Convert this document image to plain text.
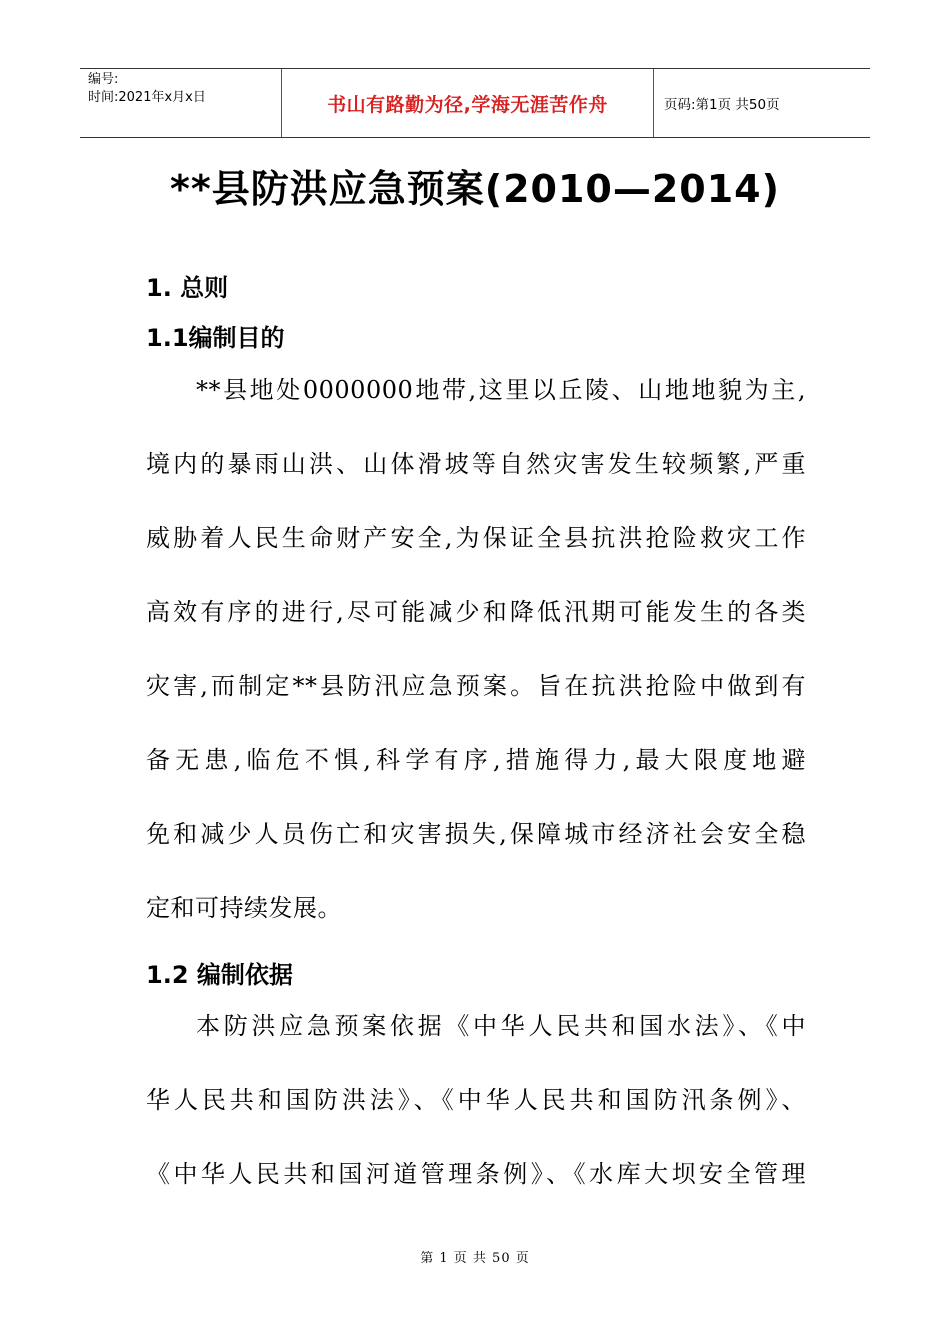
编号:
时间:2021年x月x日	书山有路勤为径,学海无涯苦作舟	页码:第1页 共50页
**县防洪应急预案(2010—2014)
1. 总则
1.1编制目的
**县地处0000000地带,这里以丘陵、山地地貌为主,
境内的暴雨山洪、山体滑坡等自然灾害发生较频繁,严重
威胁着人民生命财产安全,为保证全县抗洪抢险救灾工作
高效有序的进行,尽可能减少和降低汛期可能发生的各类
灾害,而制定**县防汛应急预案。旨在抗洪抢险中做到有
备无患,临危不惧,科学有序,措施得力,最大限度地避
免和减少人员伤亡和灾害损失,保障城市经济社会安全稳
定和可持续发展。
1.2 编制依据
本防洪应急预案依据《中华人民共和国水法》、《中
华人民共和国防洪法》、《中华人民共和国防汛条例》、
《中华人民共和国河道管理条例》、《水库大坝安全管理
第 1 页 共 50 页
